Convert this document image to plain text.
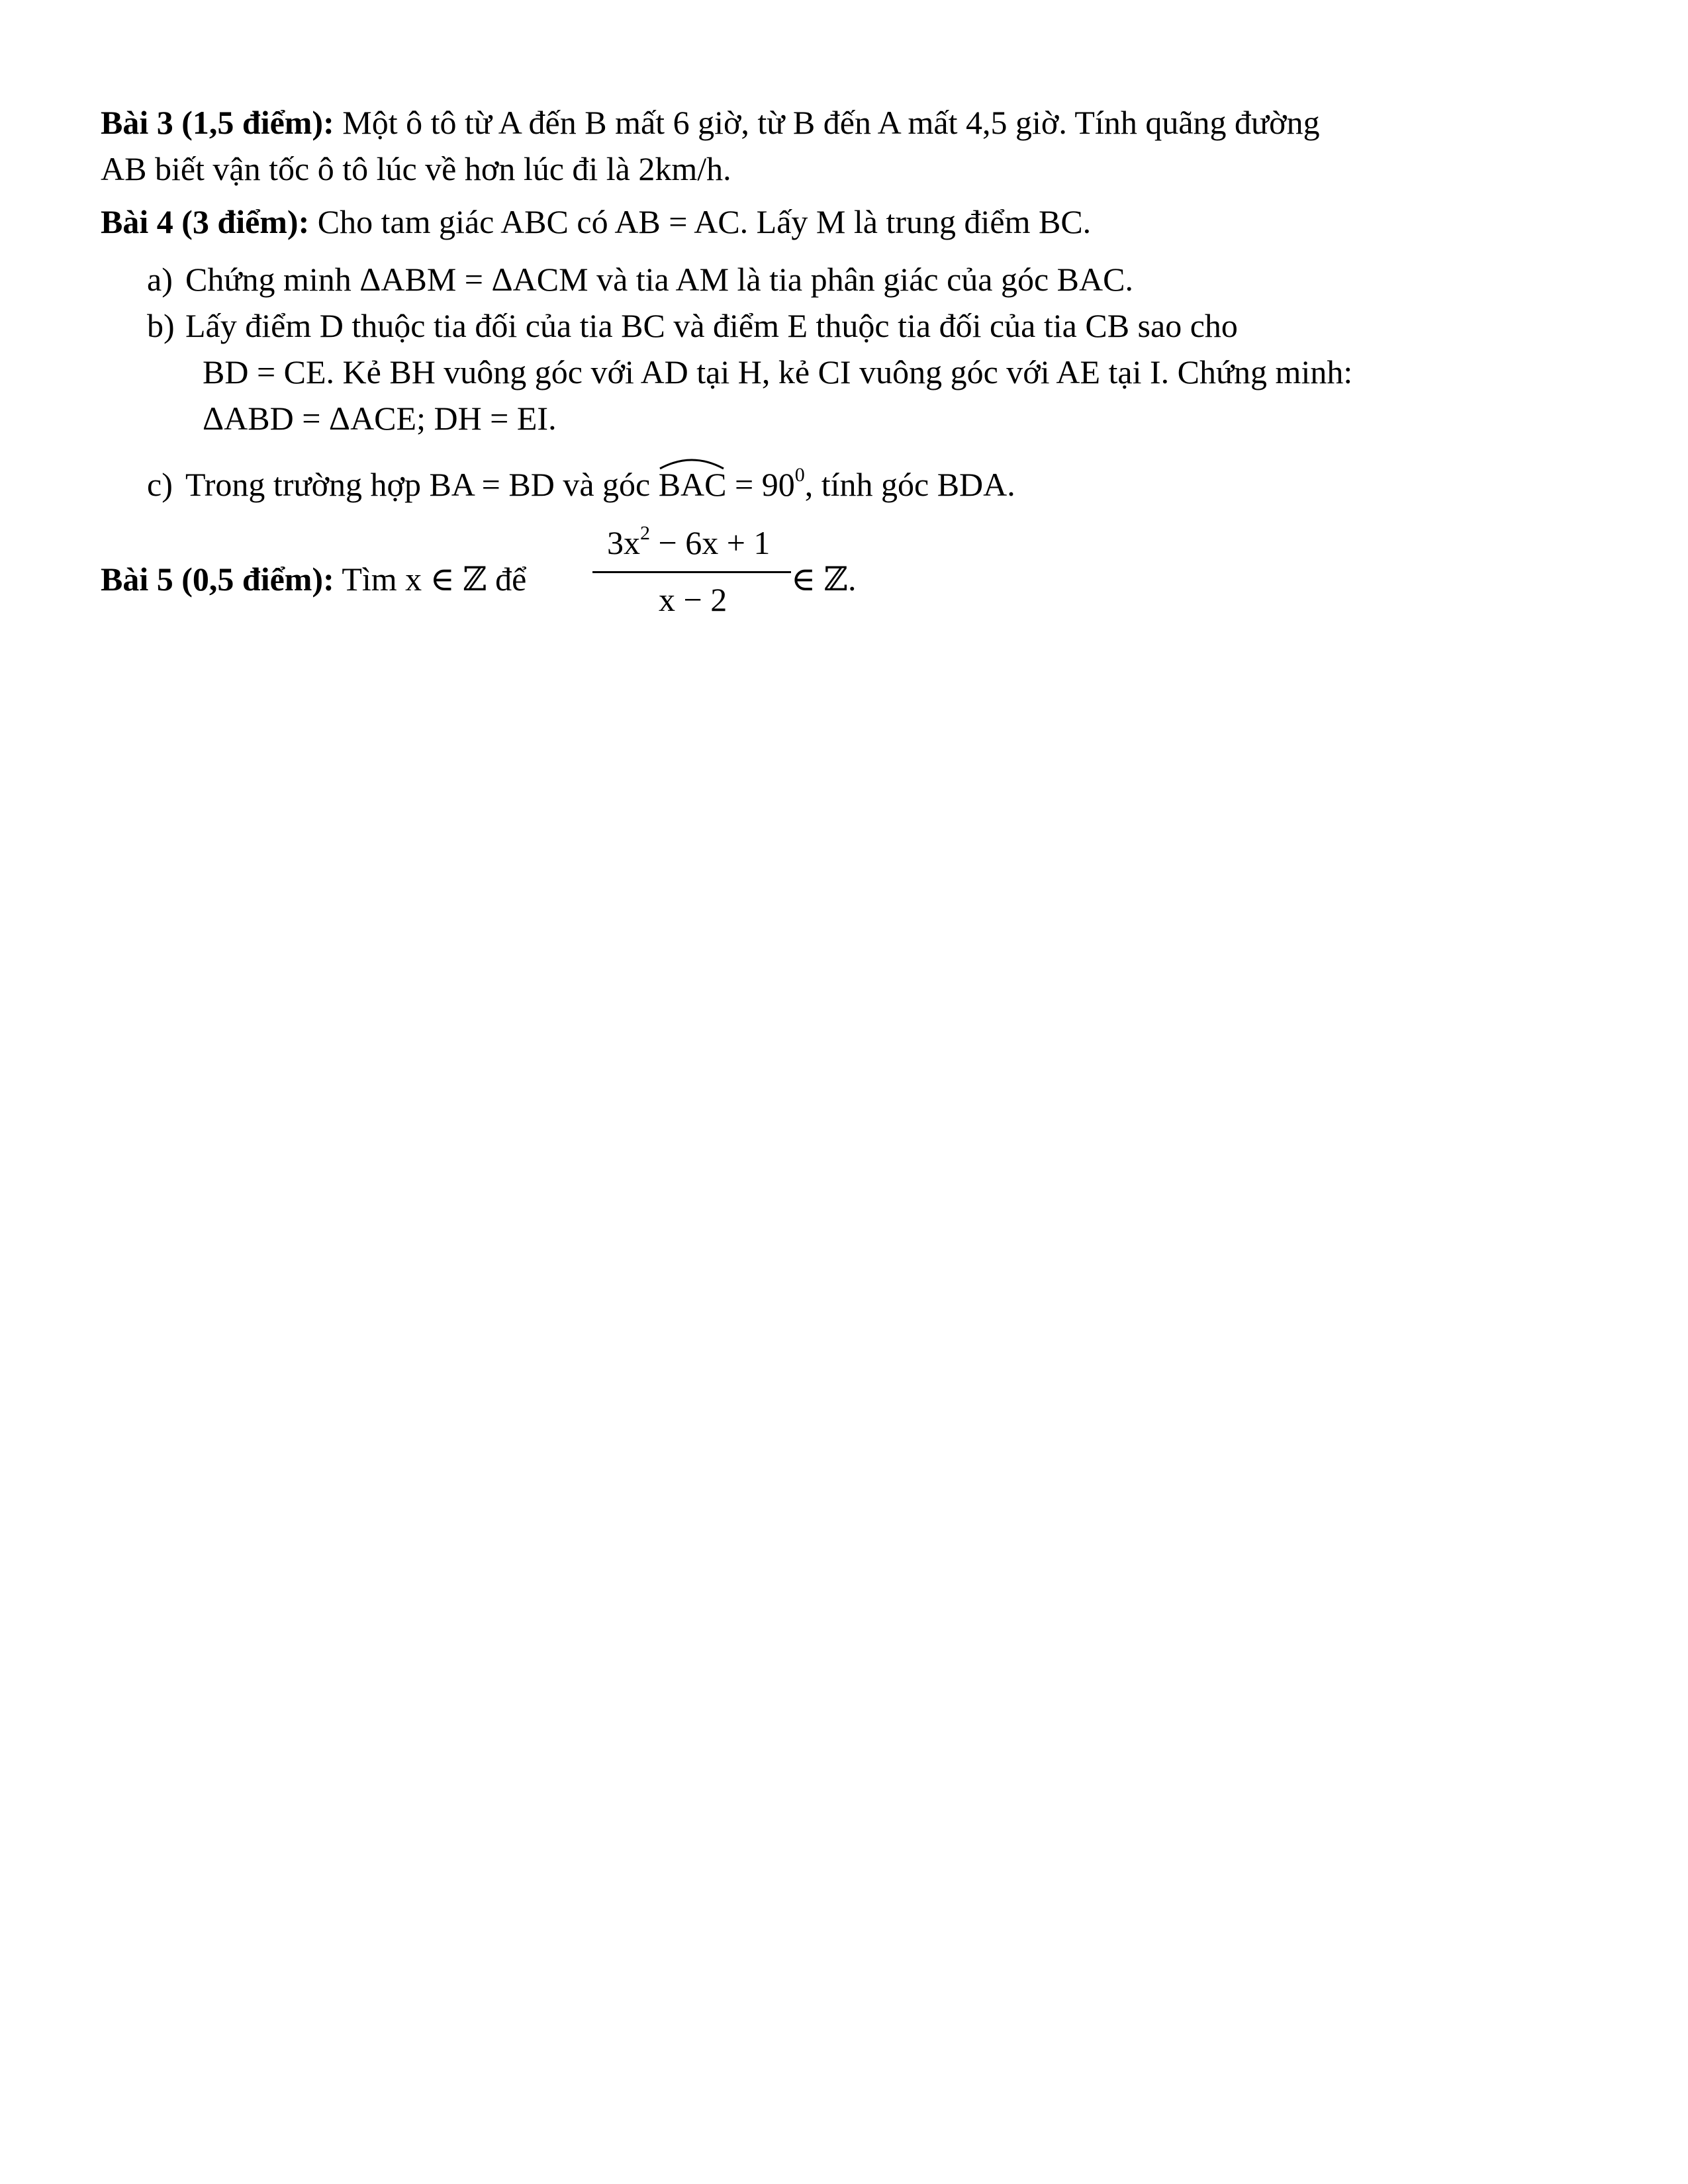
Bài 3 (1,5 điểm): Một ô tô từ A đến B mất 6 giờ, từ B đến A mất 4,5 giờ. Tính quãng đường
AB biết vận tốc ô tô lúc về hơn lúc đi là 2km/h.
Bài 4 (3 điểm): Cho tam giác ABC có AB = AC. Lấy M là trung điểm BC.
a) Chứng minh ΔABM = ΔACM và tia AM là tia phân giác của góc BAC.
b) Lấy điểm D thuộc tia đối của tia BC và điểm E thuộc tia đối của tia CB sao cho
BD = CE. Kẻ BH vuông góc với AD tại H, kẻ CI vuông góc với AE tại I. Chứng minh:
ΔABD = ΔACE; DH = EI.
c) Trong trường hợp BA = BD và góc
BAC = $90^0$, tính góc BDA.
Bài 5 (0,5 điểm): Tìm x ∈ ℤ để
$3x^2 - 6x + 1$
x − 2
∈ ℤ.
